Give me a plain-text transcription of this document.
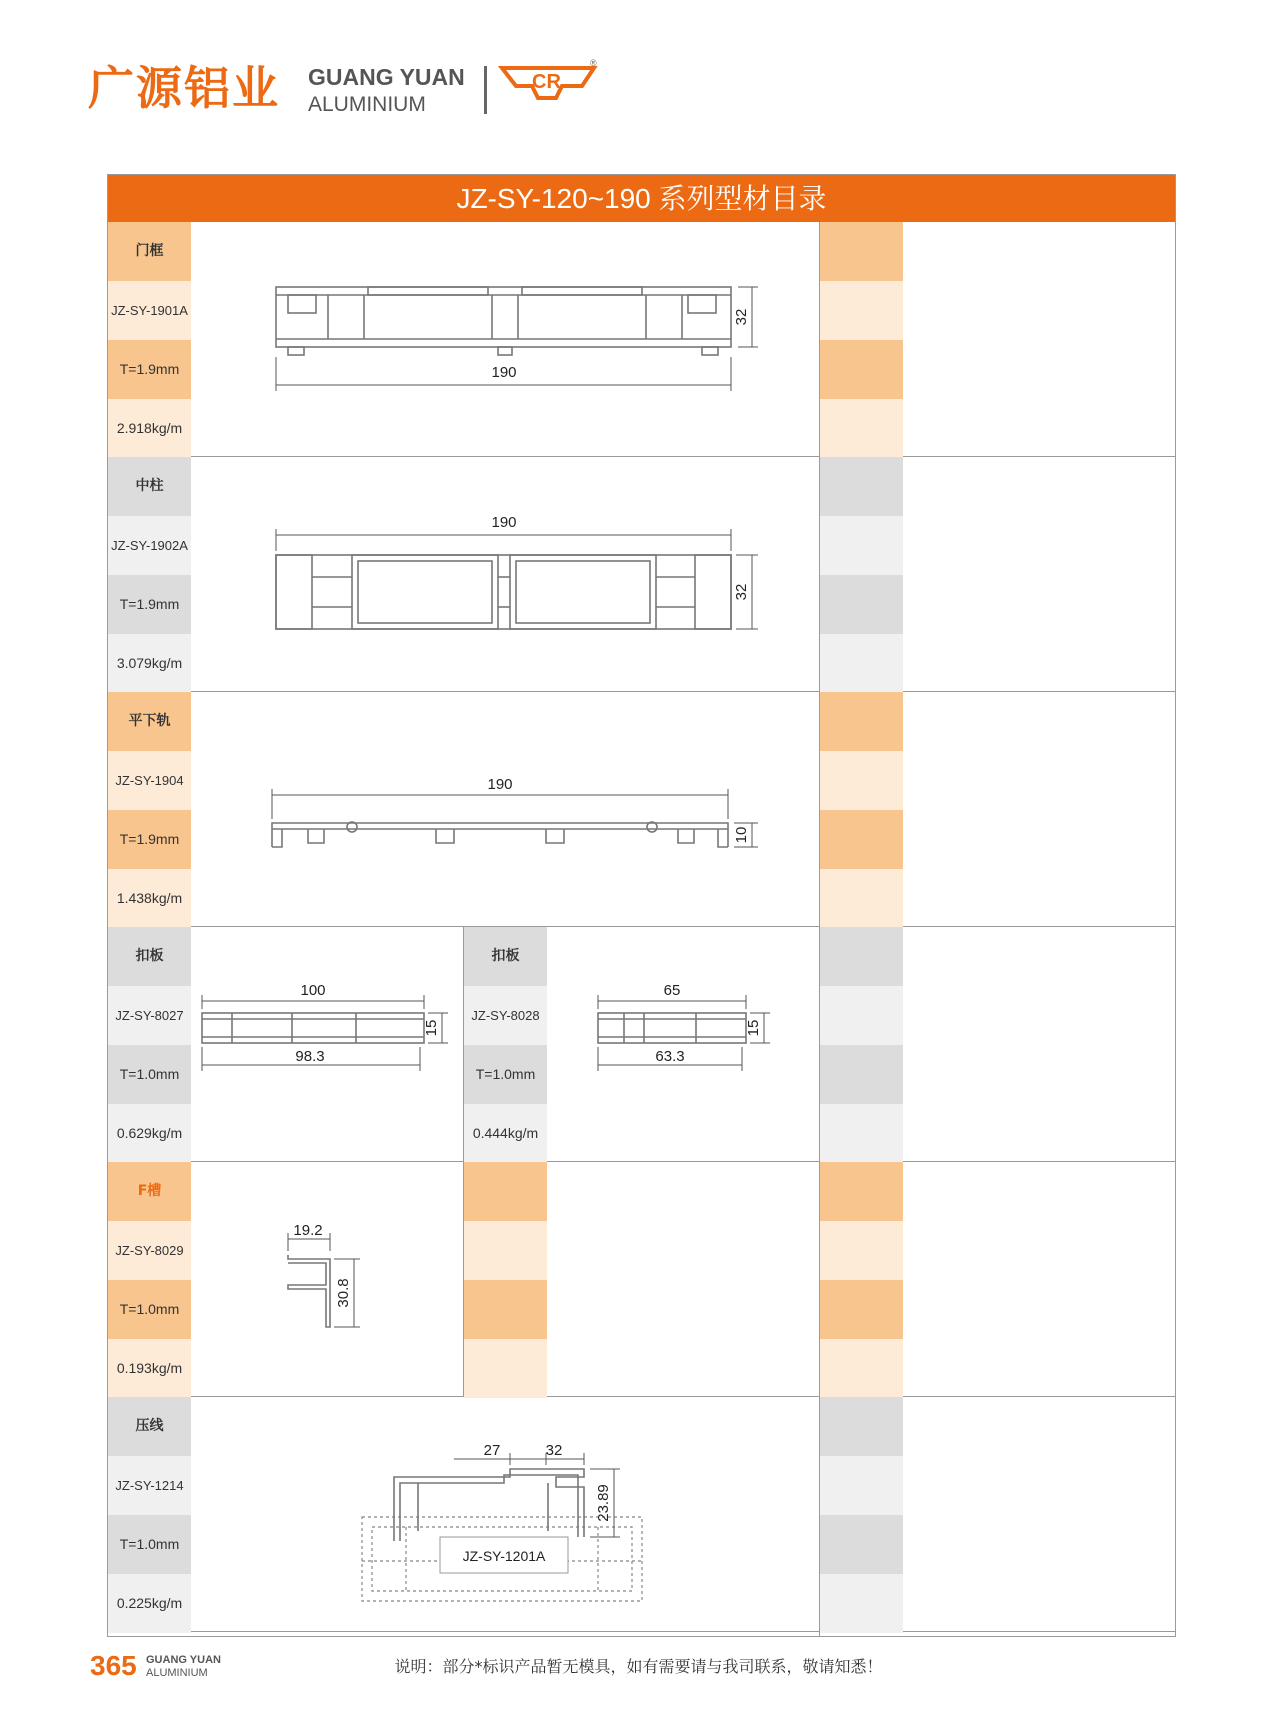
广源铝业 GUANG YUAN
ALUMINIUM
CR
®
JZ-SY-120~190 系列型材目录
门框
JZ-SY-1901A
T=1.9mm
2.918kg/m
190
32
中柱
JZ-SY-1902A
T=1.9mm
3.079kg/m
190
32
平下轨
JZ-SY-1904
T=1.9mm
1.438kg/m
190
10
扣板
JZ-SY-8027
T=1.0mm
0.629kg/m
100
98.3
15
扣板
JZ-SY-8028
T=1.0mm
0.444kg/m
65
63.3
15
F槽
JZ-SY-8029
T=1.0mm
0.193kg/m
19.2
30.8
压线
JZ-SY-1214
T=1.0mm
0.225kg/m
JZ-SY-1201A
27	32
23.89
365 GUANG YUAN
ALUMINIUM	说明：部分*标识产品暂无模具，如有需要请与我司联系，敬请知悉！
